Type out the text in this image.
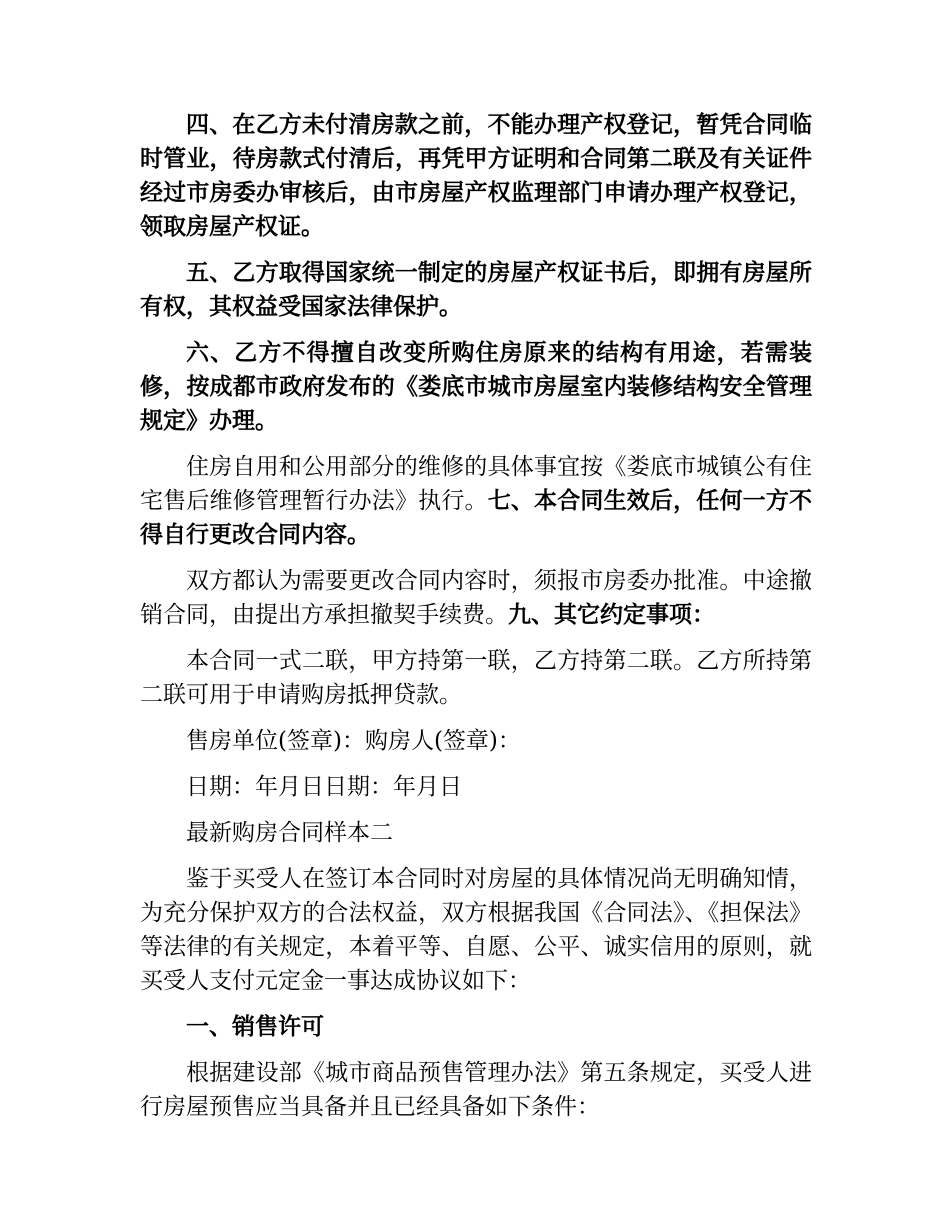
四、在乙方未付清房款之前，不能办理产权登记，暂凭合同临时管业，待房款式付清后，再凭甲方证明和合同第二联及有关证件经过市房委办审核后，由市房屋产权监理部门申请办理产权登记，领取房屋产权证。

五、乙方取得国家统一制定的房屋产权证书后，即拥有房屋所有权，其权益受国家法律保护。

六、乙方不得擅自改变所购住房原来的结构有用途，若需装修，按成都市政府发布的《娄底市城市房屋室内装修结构安全管理规定》办理。

住房自用和公用部分的维修的具体事宜按《娄底市城镇公有住宅售后维修管理暂行办法》执行。七、本合同生效后，任何一方不得自行更改合同内容。

双方都认为需要更改合同内容时，须报市房委办批准。中途撤销合同，由提出方承担撤契手续费。九、其它约定事项：

本合同一式二联，甲方持第一联，乙方持第二联。乙方所持第二联可用于申请购房抵押贷款。

售房单位(签章)：购房人(签章)：

日期：年月日日期：年月日

最新购房合同样本二

鉴于买受人在签订本合同时对房屋的具体情况尚无明确知情，为充分保护双方的合法权益，双方根据我国《合同法》、《担保法》等法律的有关规定，本着平等、自愿、公平、诚实信用的原则，就买受人支付元定金一事达成协议如下：

一、销售许可

根据建设部《城市商品预售管理办法》第五条规定，买受人进行房屋预售应当具备并且已经具备如下条件：
